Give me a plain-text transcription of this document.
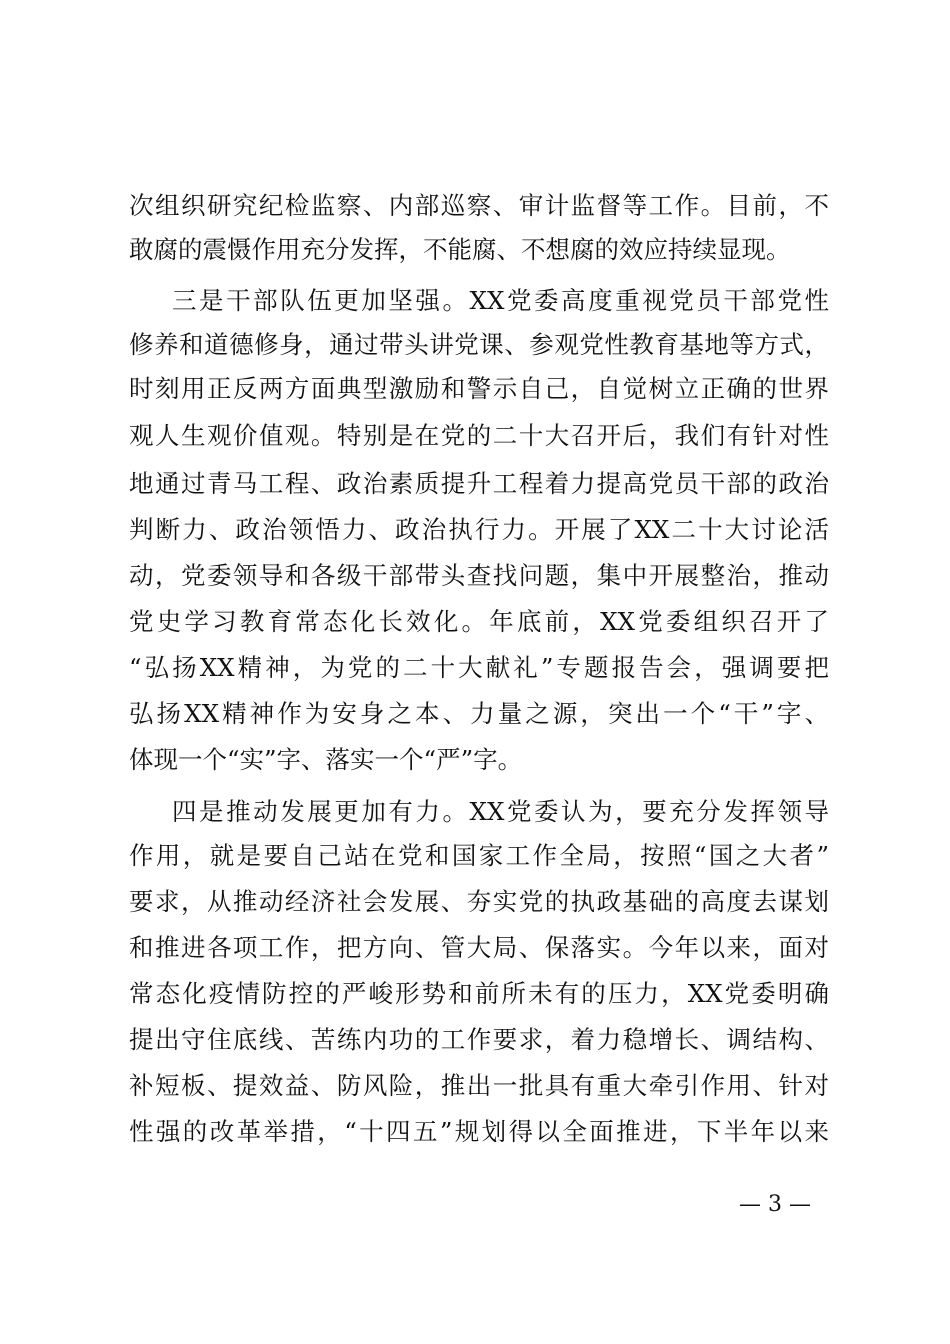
次组织研究纪检监察、内部巡察、审计监督等工作。目前，不
敢腐的震慑作用充分发挥，不能腐、不想腐的效应持续显现。
三是干部队伍更加坚强。XX党委高度重视党员干部党性
修养和道德修身，通过带头讲党课、参观党性教育基地等方式，
时刻用正反两方面典型激励和警示自己，自觉树立正确的世界
观人生观价值观。特别是在党的二十大召开后，我们有针对性
地通过青马工程、政治素质提升工程着力提高党员干部的政治
判断力、政治领悟力、政治执行力。开展了XX二十大讨论活
动，党委领导和各级干部带头查找问题，集中开展整治，推动
党史学习教育常态化长效化。年底前，XX党委组织召开了
“弘扬XX精神，为党的二十大献礼”专题报告会，强调要把
弘扬XX精神作为安身之本、力量之源，突出一个“干”字、
体现一个“实”字、落实一个“严”字。
四是推动发展更加有力。XX党委认为，要充分发挥领导
作用，就是要自己站在党和国家工作全局，按照“国之大者”
要求，从推动经济社会发展、夯实党的执政基础的高度去谋划
和推进各项工作，把方向、管大局、保落实。今年以来，面对
常态化疫情防控的严峻形势和前所未有的压力，XX党委明确
提出守住底线、苦练内功的工作要求，着力稳增长、调结构、
补短板、提效益、防风险，推出一批具有重大牵引作用、针对
性强的改革举措，“十四五”规划得以全面推进，下半年以来
— 3 —
